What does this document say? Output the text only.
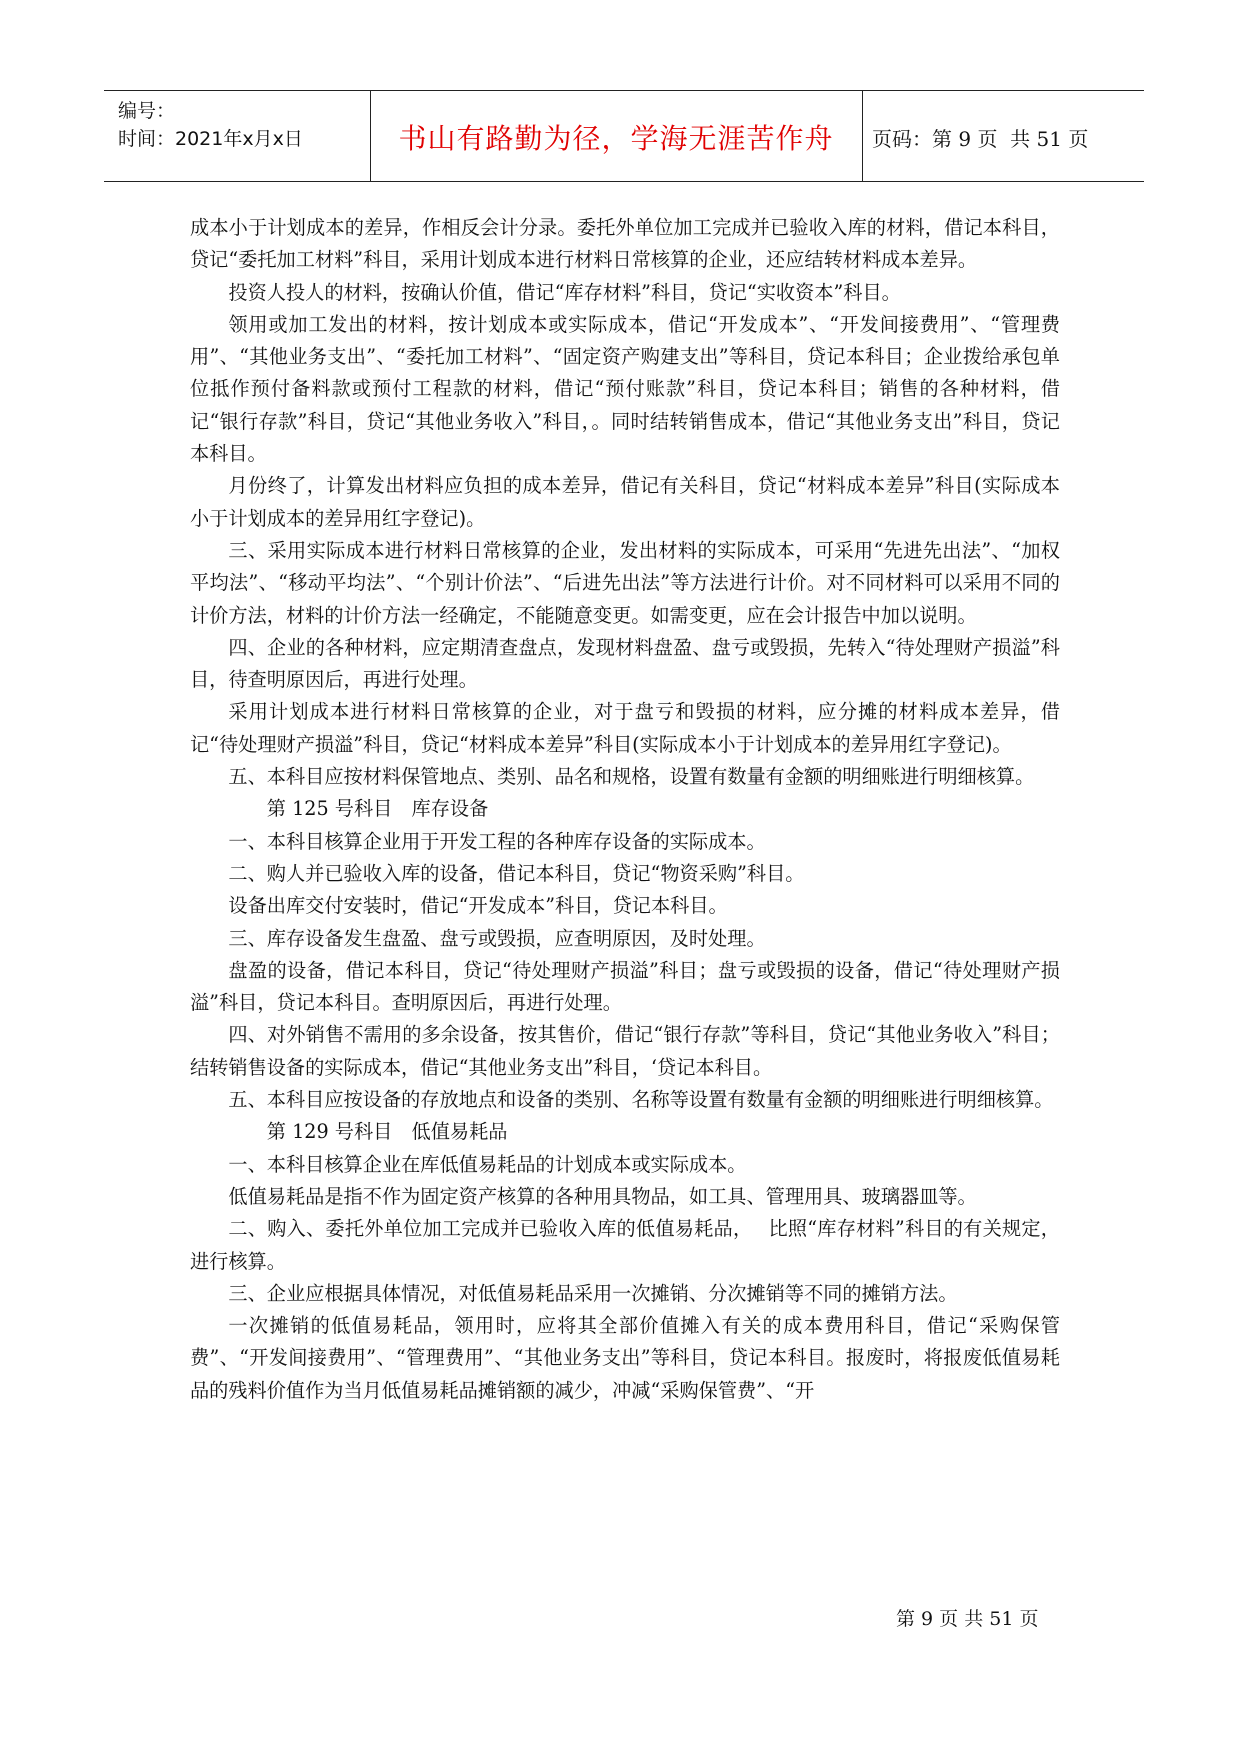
编号：
时间：2021年x月x日	书山有路勤为径，学海无涯苦作舟	页码：第 9 页  共 51 页

成本小于计划成本的差异，作相反会计分录。委托外单位加工完成并已验收入库的材料，借记本科目，贷记“委托加工材料”科目，采用计划成本进行材料日常核算的企业，还应结转材料成本差异。

投资人投人的材料，按确认价值，借记“库存材料”科目，贷记“实收资本”科目。

领用或加工发出的材料，按计划成本或实际成本，借记“开发成本”、“开发间接费用”、“管理费用”、“其他业务支出”、“委托加工材料”、“固定资产购建支出”等科目，贷记本科目；企业拨给承包单位抵作预付备料款或预付工程款的材料，借记“预付账款”科目，贷记本科目；销售的各种材料，借记“银行存款”科目，贷记“其他业务收入”科目，。同时结转销售成本，借记“其他业务支出”科目，贷记本科目。

月份终了，计算发出材料应负担的成本差异，借记有关科目，贷记“材料成本差异”科目(实际成本小于计划成本的差异用红字登记)。

三、采用实际成本进行材料日常核算的企业，发出材料的实际成本，可采用“先进先出法”、“加权平均法”、“移动平均法”、“个别计价法”、“后进先出法”等方法进行计价。对不同材料可以采用不同的计价方法，材料的计价方法一经确定，不能随意变更。如需变更，应在会计报告中加以说明。

四、企业的各种材料，应定期清查盘点，发现材料盘盈、盘亏或毁损，先转入“待处理财产损溢”科目，待查明原因后，再进行处理。

采用计划成本进行材料日常核算的企业，对于盘亏和毁损的材料，应分摊的材料成本差异，借记“待处理财产损溢”科目，贷记“材料成本差异”科目(实际成本小于计划成本的差异用红字登记)。

五、本科目应按材料保管地点、类别、品名和规格，设置有数量有金额的明细账进行明细核算。

第 125 号科目　库存设备

一、本科目核算企业用于开发工程的各种库存设备的实际成本。

二、购人并已验收入库的设备，借记本科目，贷记“物资采购”科目。

设备出库交付安装时，借记“开发成本”科目，贷记本科目。

三、库存设备发生盘盈、盘亏或毁损，应查明原因，及时处理。

盘盈的设备，借记本科目，贷记“待处理财产损溢”科目；盘亏或毁损的设备，借记“待处理财产损溢”科目，贷记本科目。查明原因后，再进行处理。

四、对外销售不需用的多余设备，按其售价，借记“银行存款”等科目，贷记“其他业务收入”科目；结转销售设备的实际成本，借记“其他业务支出”科目，‘贷记本科目。

五、本科目应按设备的存放地点和设备的类别、名称等设置有数量有金额的明细账进行明细核算。

第 129 号科目　低值易耗品

一、本科目核算企业在库低值易耗品的计划成本或实际成本。

低值易耗品是指不作为固定资产核算的各种用具物品，如工具、管理用具、玻璃器皿等。

二、购入、委托外单位加工完成并已验收入库的低值易耗品，　 比照“库存材料”科目的有关规定，进行核算。

三、企业应根据具体情况，对低值易耗品采用一次摊销、分次摊销等不同的摊销方法。

一次摊销的低值易耗品，领用时，应将其全部价值摊入有关的成本费用科目，借记“采购保管费”、“开发间接费用”、“管理费用”、“其他业务支出”等科目，贷记本科目。报废时，将报废低值易耗品的残料价值作为当月低值易耗品摊销额的减少，冲减“采购保管费”、“开

第 9 页 共 51 页
